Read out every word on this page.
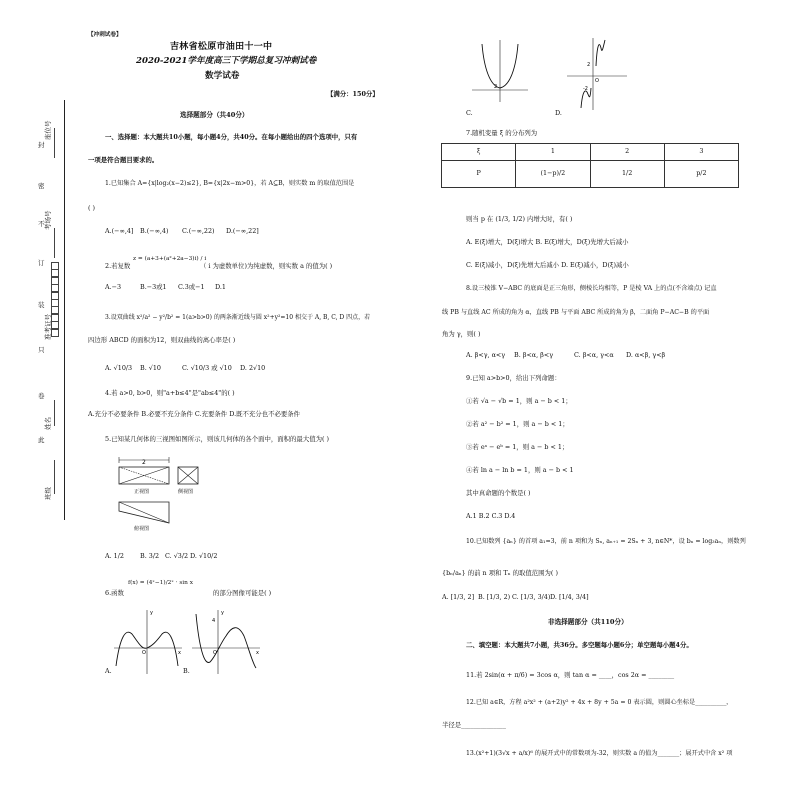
封
密
不
订
装
只
卷
此
座位号
考场号
准考证号
姓名
班级
【冲刺试卷】
吉林省松原市油田十一中
2020-2021学年度高三下学期总复习冲刺试卷
数学试卷
【满分：150分】
选择题部分（共40分）
一、选择题：本大题共10小题，每小题4分，共40分。在每小题给出的四个选项中，只有
一项是符合题目要求的。
1.已知集合 A={x|log₂(x−2)≤2}, B={x|2x−m>0}，若 A⊆B，则实数 m 的取值范围是
( )
A.(−∞,4] B.(−∞,4) C.(−∞,22) D.(−∞,22]
2.若复数
z = (a+3+(a²+2a−3)i) / i
（ i 为虚数单位)为纯虚数，则实数 a 的值为( )
A.−3	B.−3或1 C.3或−1 D.1
3.设双曲线 x²/a² − y²/b² = 1(a>b>0) 的两条渐近线与圆 x²+y²=10 相交于 A, B, C, D 四点，若
四边形 ABCD 的面积为12，则双曲线的离心率是( )
A. √10/3 B. √10	C. √10/3 或 √10 D. 2√10
4.若 a>0, b>0，则"a+b≤4"是"ab≤4"的( )
A.充分不必要条件 B.必要不充分条件 C.充要条件 D.既不充分也不必要条件
5.已知某几何体的三视图如图所示，则该几何体的各个面中，面积的最大值为( )
2
正视图	侧视图
俯视图
A. 1/2	B. 3/2 C. √3/2 D. √10/2
6.函数
f(x) = (4ˣ−1)/2ˣ · sin x
的部分图像可能是( )
y
x
O
A.
y
4
x
O
B.
2
C.
2
-2
O
D.
7.随机变量 ξ 的分布列为
ξ	1	2	3
P	(1−p)/2	1/2	p/2
则当 p 在 (1/3, 1/2) 内增大时，有( )
A. E(ξ)增大，D(ξ)增大 B. E(ξ)增大，D(ξ)先增大后减小
C. E(ξ)减小，D(ξ)先增大后减小 D. E(ξ)减小，D(ξ)减小
8.设三棱锥 V−ABC 的底面是正三角形，侧棱长均相等，P 是棱 VA 上的点(不含端点) 记直
线 PB 与直线 AC 所成的角为 α，直线 PB 与平面 ABC 所成的角为 β，二面角 P−AC−B 的平面
角为 γ，则( )
A. β<γ, α<γ B. β<α, β<γ	C. β<α, γ<α D. α<β, γ<β
9.已知 a>b>0，给出下列命题：
①若 √a − √b = 1，则 a − b < 1；
②若 a² − b² = 1，则 a − b < 1；
③若 eᵃ − eᵇ = 1，则 a − b < 1；
④若 ln a − ln b = 1，则 a − b < 1
其中真命题的个数是( )
A.1 B.2 C.3 D.4
10.已知数列 {aₙ} 的首项 a₁=3，前 n 项和为 Sₙ, aₙ₊₁ = 2Sₙ + 3, n∈N*，设 bₙ = log₃aₙ，则数列
{bₙ/aₙ} 的前 n 项和 Tₙ 的取值范围为( )
A. [1/3, 2] B. [1/3, 2) C. [1/3, 3/4) D. [1/4, 3/4]
非选择题部分（共110分）
二、填空题：本大题共7小题，共36分。多空题每小题6分；单空题每小题4分。
11.若 2sin(α + π/6) = 3cos α，则 tan α = ____，cos 2α = ________
12.已知 a∈R，方程 a²x² + (a+2)y² + 4x + 8y + 5a = 0 表示圆，则圆心坐标是__________，
半径是______________
13.(x²+1)(3√x + a/x)⁶ 的展开式中的常数项为-32，则实数 a 的值为_______；展开式中含 x² 项
